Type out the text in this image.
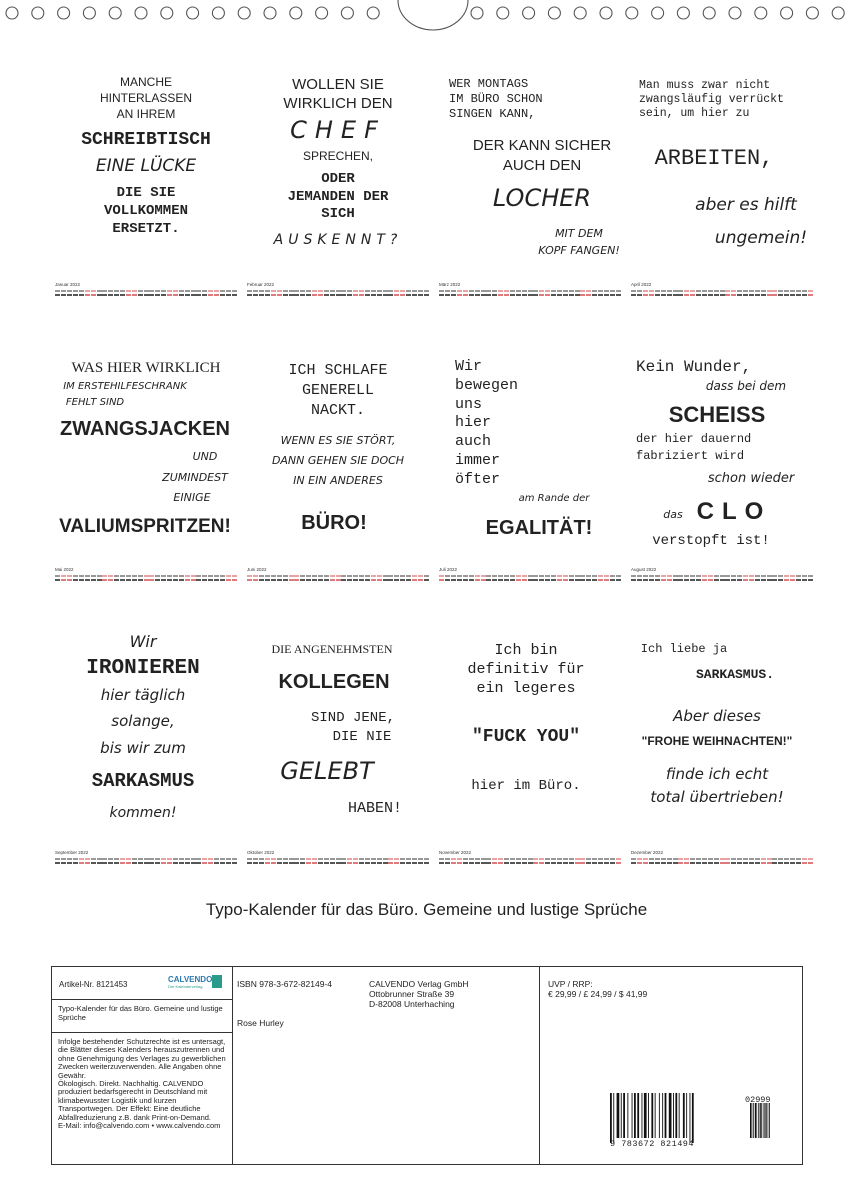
MANCHE
HINTERLASSEN
AN IHREM
SCHREIBTISCH
EINE LÜCKE
DIE SIE
VOLLKOMMEN
ERSETZT.
Januar 2022
WOLLEN SIE
WIRKLICH DEN
CHEF
SPRECHEN,
ODER
JEMANDEN DER
SICH
AUSKENNT?
Februar 2022
WER MONTAGS
IM BÜRO SCHON
SINGEN KANN,
DER KANN SICHER
AUCH DEN
LOCHER
MIT DEM
KOPF FANGEN!
März 2022
Man muss zwar nicht
zwangsläufig verrückt
sein, um hier zu
ARBEITEN,
aber es hilft
ungemein!
April 2022
WAS HIER WIRKLICH
IM ERSTEHILFESCHRANK
FEHLT SIND
ZWANGSJACKEN
UND
ZUMINDEST
EINIGE
VALIUMSPRITZEN!
Mai 2022
ICH SCHLAFE
GENERELL
NACKT.
WENN ES SIE STÖRT,
DANN GEHEN SIE DOCH
IN EIN ANDERES
BÜRO!
Juni 2022
Wir
bewegen
uns
hier
auch
immer
öfter
am Rande der
EGALITÄT!
Juli 2022
Kein Wunder,
dass bei dem
SCHEISS
der hier dauernd
fabriziert wird
schon wieder
das CLO
verstopft ist!
August 2022
Wir
IRONIEREN
hier täglich
solange,
bis wir zum
SARKASMUS
kommen!
September 2022
DIE ANGENEHMSTEN
KOLLEGEN
SIND JENE,
DIE NIE
GELEBT
HABEN!
Oktober 2022
Ich bin
definitiv für
ein legeres
"FUCK YOU"
hier im Büro.
November 2022
Ich liebe ja
SARKASMUS.
Aber dieses
"FROHE WEIHNACHTEN!"
finde ich echt
total übertrieben!
Dezember 2022
Typo-Kalender für das Büro. Gemeine und lustige Sprüche
Artikel-Nr. 8121453
CALVENDO
Der Kalenderverlag
Typo-Kalender für das Büro. Gemeine und lustige Sprüche
Infolge bestehender Schutzrechte ist es untersagt, die Blätter dieses Kalenders herauszutrennen und ohne Genehmigung des Verlages zu gewerblichen Zwecken weiterzuverwenden. Alle Angaben ohne Gewähr.
Ökologisch. Direkt. Nachhaltig. CALVENDO produziert bedarfsgerecht in Deutschland mit klimabewusster Logistik und kurzen Transportwegen. Der Effekt: Eine deutliche Abfallreduzierung z.B. dank Print-on-Demand.
E-Mail: info@calvendo.com • www.calvendo.com
ISBN 978-3-672-82149-4
Rose Hurley
CALVENDO Verlag GmbH
Ottobrunner Straße 39
D-82008 Unterhaching
UVP / RRP:
€ 29,99 / £ 24,99 / $ 41,99
9 783672 821494
02999
